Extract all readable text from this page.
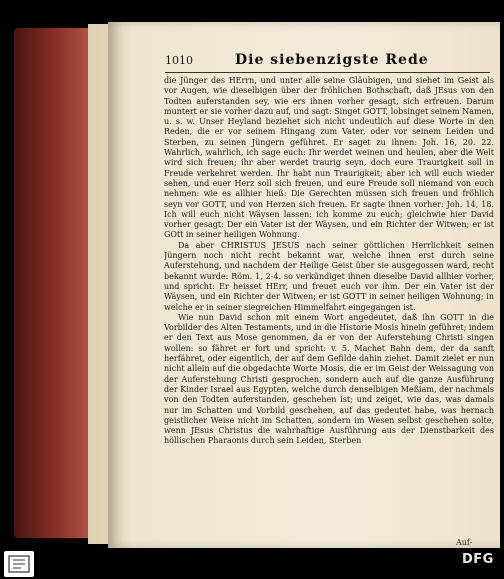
1010	Die siebenzigste Rede

die Jünger des HErrn, und unter alle seine Gläubigen, und siehet im Geist als vor Augen, wie dieselbigen über der fröhlichen Bothschaft, daß JEsus von den Todten auferstanden sey, wie ers ihnen vorher gesagt, sich erfreuen. Darum muntert er sie vorher dazu auf, und sagt: Singet GOTT, lobsinget seinem Namen, u. s. w. Unser Heyland beziehet sich nicht undeutlich auf diese Worte in den Reden, die er vor seinem Hingang zum Vater, oder vor seinem Leiden und Sterben, zu seinen Jüngern geführet. Er saget zu ihnen: Joh. 16, 20. 22. Wahrlich, wahrlich, ich sage euch: Ihr werdet weinen und heulen, aber die Welt wird sich freuen; ihr aber werdet traurig seyn, doch eure Traurigkeit soll in Freude verkehret werden. Ihr habt nun Traurigkeit; aber ich will euch wieder sehen, und euer Herz soll sich freuen, und eure Freude soll niemand von euch nehmen: wie es allhier hieß: Die Gerechten müssen sich freuen und fröhlich seyn vor GOTT, und von Herzen sich freuen. Er sagte ihnen vorher: Joh. 14, 18. Ich will euch nicht Wäysen lassen: ich komme zu euch; gleichwie hier David vorher gesagt: Der ein Vater ist der Wäysen, und ein Richter der Witwen; er ist GOtt in seiner heiligen Wohnung.

Da aber CHRISTUS JESUS nach seiner göttlichen Herrlichkeit seinen Jüngern noch nicht recht bekannt war, welche ihnen erst durch seine Auferstehung, und nachdem der Heilige Geist über sie ausgegossen ward, recht bekannt wurde: Röm. 1, 2-4. so verkündiget ihnen dieselbe David allhier vorher, und spricht: Er heisset HErr, und freuet euch vor ihm. Der ein Vater ist der Wäysen, und ein Richter der Witwen; er ist GOTT in seiner heiligen Wohnung; in welche er in seiner siegreichen Himmelfahrt eingegangen ist.

Wie nun David schon mit einem Wort angedeutet, daß ihn GOTT in die Vorbilder des Alten Testaments, und in die Historie Mosis hinein geführet; indem er den Text aus Mose genommen, da er von der Auferstehung Christi singen wollen: so fähret er fort und spricht: v. 5. Machet Bahn dem, der da sanft herfähret, oder eigentlich, der auf dem Gefilde dahin ziehet. Damit zielet er nun nicht allein auf die obgedachte Worte Mosis, die er im Geist der Weissagung von der Auferstehung Christi gesprochen, sondern auch auf die ganze Ausführung der Kinder Israel aus Egypten, welche durch denselbigen Meßiam, der nachmals von den Todten auferstanden, geschehen ist; und zeiget, wie das, was damals nur im Schatten und Vorbild geschehen, auf das gedeutet habe, was hernach geistlicher Weise nicht im Schatten, sondern im Wesen selbst geschehen solte, wenn JEsus Christus die wahrhaftige Ausführung aus der Dienstbarkeit des höllischen Pharaonis durch sein Leiden, Sterben

Auf-
DFG
